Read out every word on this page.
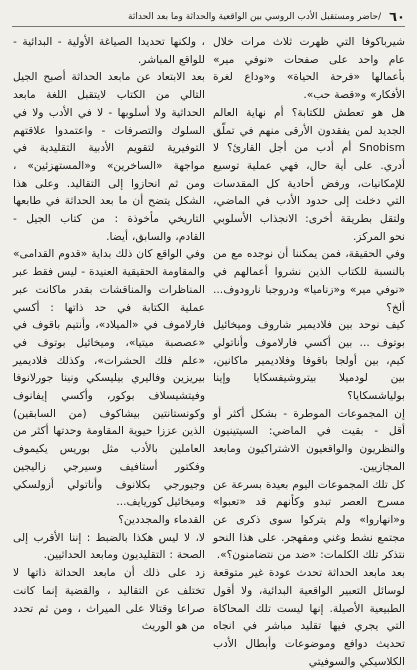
٦٠
/حاضر ومستقبل الأدب الروسي بين الواقعية والحداثة وما بعد الحداثة

شيرباكوفا التي ظهرت ثلاث مرات خلال عام واحد على صفحات «نوفي مير» بأعمالها «فرحة الحياة» و«وداع لغرة الأفكار» و«قصة حب».

هل هو تعطش للكتابة؟ أم نهاية العالم الجديد لمن يفقدون الأرقى منهم في تملّق Snobism أم أدب من أجل القارئ؟ لا أدري. على أية حال، فهي عملية توسيع للإمكانيات، ورفض أحادية كل المقدسات التي دخلت إلى حدود الأدب في الماضي، ولتقل بطريقة أخرى: الانجذاب الأسلوبي نحو المركز.

وفي الحقيقة، فمن يمكننا أن نوجده مع من بالنسبة للكتاب الذين نشروا أعمالهم في «نوفي مير» و«زناميا» ودروجبا نارودوف... ألخ؟

كيف نوحد بين فلاديمير شاروف وميخائيل بوتوف ... بين أكسي فارلاموف وأناتولي كيم، بين أولجا باقوفا وفلاديمير ماكانين، بين لودميلا بيتروشيفسكايا وإينا بولياشسكايا؟

إن المجموعات الموطرة - بشكل أكثر أو أقل - بقيت في الماضي: السيتينيون والنظريون والواقعيون الاشتراكيون ومابعد المجازيين.

كل تلك المجموعات اليوم بعيدة بسرعة عن مسرح العصر تبدو وكأنهم قد «تعبوا» و«انهاروا» ولم يتركوا سوى ذكرى عن مجتمع نشط وغني ومقهجر. على هذا النحو نتذكر تلك الكلمات: «ضد من نتضامنون؟».

بعد مابعد الحداثة تحدث عودة غير متوقعة لوسائل التعبير الواقعية البدائية، ولا أقول الطبيعية الأصيلة. إنها ليست تلك المحاكاة التي يجري فيها تقليد مباشر في انجاه تحديث دوافع وموضوعات وأبطال الأدب الكلاسيكي والسوفيتي

، ولكنها تحديدا الصياغة الأولية - البدائية - للواقع المباشر.

بعد الابتعاد عن مابعد الحداثة أصبح الجيل التالي من الكتاب لايتقبل اللغة مابعد الحداثية ولا أسلوبها - لا في الأدب ولا في السلوك والتصرفات - واعتمدوا علاقتهم التوفيرية لتقويم الأدبية التقليدية في مواجهة «الساخرين» و«المستهزئين» ، ومن ثم انحازوا إلى التقاليد. وعلى هذا الشكل يتضح أن ما بعد الحداثة في طابعها التاريخي مأخوذة : من كتاب الجيل - القادم، والسابق، أيضا.

وفي الواقع كان ذلك بداية «قدوم القدامى» والمقاومة الحقيقية العنيدة - ليس فقط عبر المناظرات والمناقشات بقدر ماكانت عبر عملية الكتابة في حد ذاتها : أكسي فارلاموف في «الميلاد»، وأنتيم باقوف في «عصصبة ميتيا»، وميخائيل بوتوف في «علم فلك الحشرات»، وكذلك فلاديمير بيريزين وفاليري بيليسكي ونينا جورلانوفا وفيتشيسلاف بوكور، وأكسي إيفانوف وكونستانتين بيشاكوف (من السابقين) الذين عززا حيوية المقاومة وحدتها أكثر من العاملين بالأدب مثل بوريس يكيموف وفكتور أستافيف وسيرجي زاليجين وجيورجي بكلانوف وأناتولي أزولسكي وميخائيل كوريايف...

القدماء والمجددين؟

لا، لا ليس هكذا بالضبط : إننا الأقرب إلى الصحة : التقليديون ومابعد الحداثيين.

زد على ذلك أن مابعد الحداثة ذاتها لا تختلف عن التقاليد ، والقضية إنما كانت صراعا وقتالا على الميراث ، ومن ثم تحدد من هو الوريث
